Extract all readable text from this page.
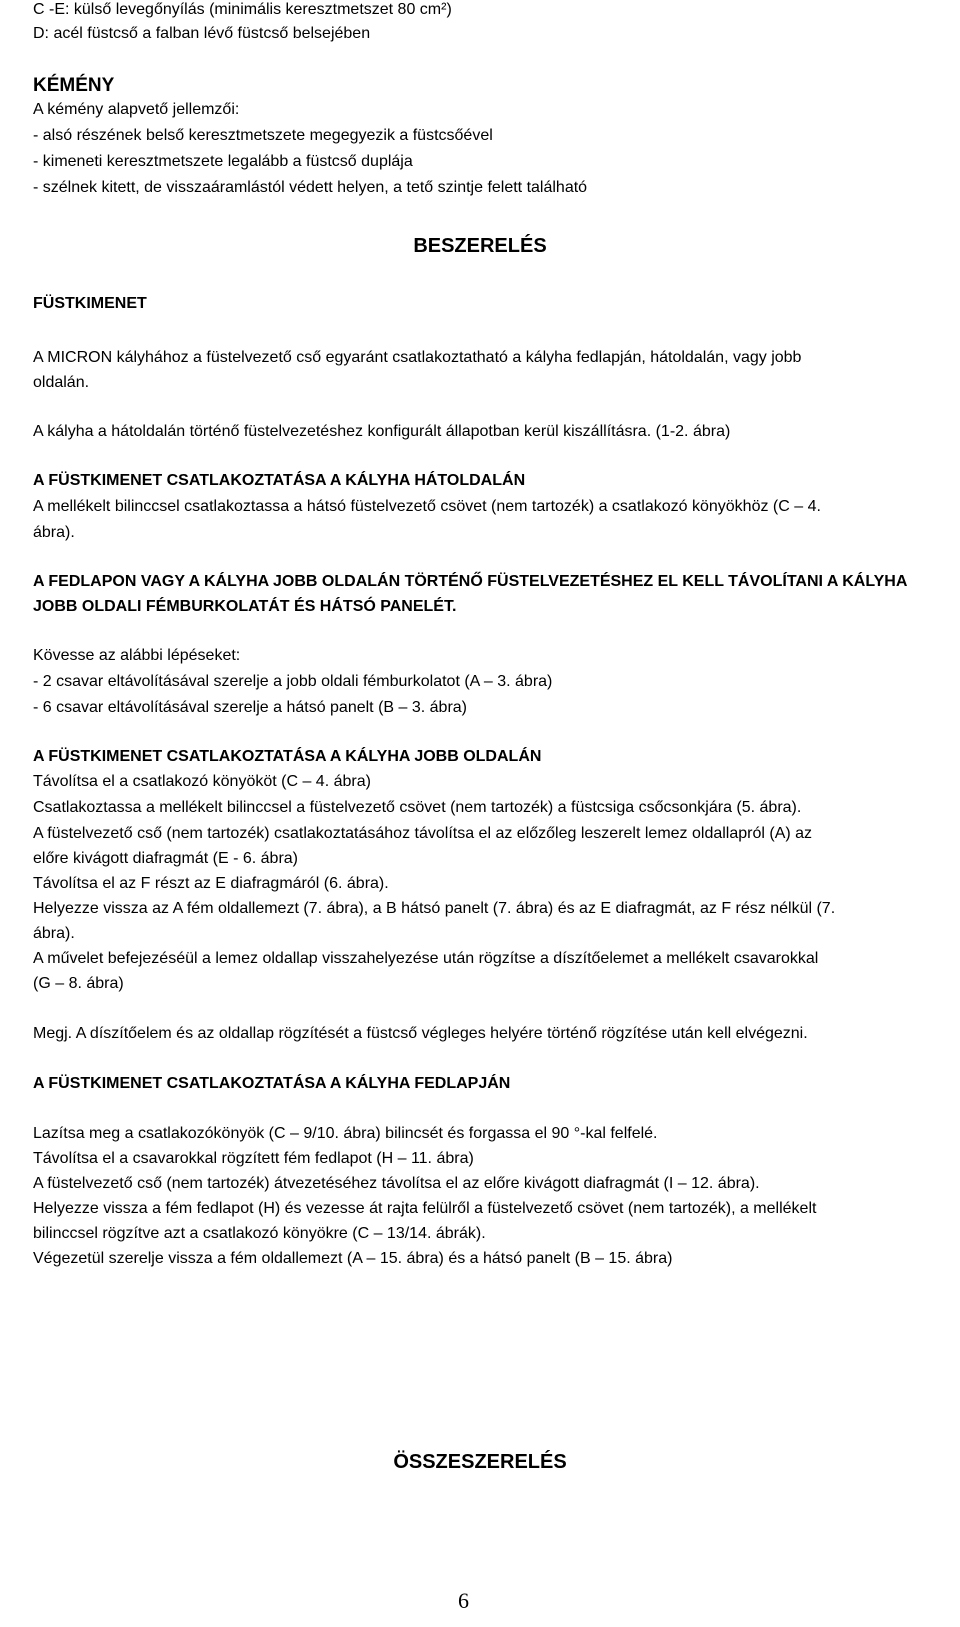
C -E: külső levegőnyílás (minimális keresztmetszet 80 cm²)
D: acél füstcső a falban lévő füstcső belsejében
KÉMÉNY
A kémény alapvető jellemzői:
- alsó részének belső keresztmetszete megegyezik a füstcsőével
- kimeneti keresztmetszete legalább a füstcső duplája
- szélnek kitett, de visszaáramlástól védett helyen, a tető szintje felett található
BESZERELÉS
FÜSTKIMENET
A MICRON kályhához a füstelvezető cső egyaránt csatlakoztatható a kályha fedlapján, hátoldalán, vagy jobb
oldalán.
A kályha a hátoldalán történő füstelvezetéshez konfigurált állapotban kerül kiszállításra. (1-2. ábra)
A FÜSTKIMENET CSATLAKOZTATÁSA A KÁLYHA HÁTOLDALÁN
A mellékelt bilinccsel csatlakoztassa a hátsó füstelvezető csövet (nem tartozék) a csatlakozó könyökhöz (C – 4.
ábra).
A FEDLAPON VAGY A KÁLYHA JOBB OLDALÁN TÖRTÉNŐ FÜSTELVEZETÉSHEZ EL KELL TÁVOLÍTANI A KÁLYHA
JOBB OLDALI FÉMBURKOLATÁT ÉS HÁTSÓ PANELÉT.
Kövesse az alábbi lépéseket:
- 2 csavar eltávolításával szerelje a jobb oldali fémburkolatot (A – 3. ábra)
- 6 csavar eltávolításával szerelje a hátsó panelt (B – 3. ábra)
A FÜSTKIMENET CSATLAKOZTATÁSA A KÁLYHA JOBB OLDALÁN
Távolítsa el a csatlakozó könyököt (C – 4. ábra)
Csatlakoztassa a mellékelt bilinccsel a füstelvezető csövet (nem tartozék) a füstcsiga csőcsonkjára (5. ábra).
A füstelvezető cső (nem tartozék) csatlakoztatásához távolítsa el az előzőleg leszerelt lemez oldallapról (A) az
előre kivágott diafragmát (E - 6. ábra)
Távolítsa el az F részt az E diafragmáról (6. ábra).
Helyezze vissza az A fém oldallemezt (7. ábra), a B hátsó panelt (7. ábra) és az E diafragmát, az F rész nélkül (7.
ábra).
A művelet befejezéséül a lemez oldallap visszahelyezése után rögzítse a díszítőelemet a mellékelt csavarokkal
(G – 8. ábra)
Megj. A díszítőelem és az oldallap rögzítését a füstcső végleges helyére történő rögzítése után kell elvégezni.
A FÜSTKIMENET CSATLAKOZTATÁSA A KÁLYHA FEDLAPJÁN
Lazítsa meg a csatlakozókönyök (C – 9/10. ábra) bilincsét és forgassa el 90 °-kal felfelé.
Távolítsa el a csavarokkal rögzített fém fedlapot (H – 11. ábra)
A füstelvezető cső (nem tartozék) átvezetéséhez távolítsa el az előre kivágott diafragmát (I – 12. ábra).
Helyezze vissza a fém fedlapot (H) és vezesse át rajta felülről a füstelvezető csövet (nem tartozék), a mellékelt
bilinccsel rögzítve azt a csatlakozó könyökre (C – 13/14. ábrák).
Végezetül szerelje vissza a fém oldallemezt (A – 15. ábra) és a hátsó panelt (B – 15. ábra)
ÖSSZESZERELÉS
6
